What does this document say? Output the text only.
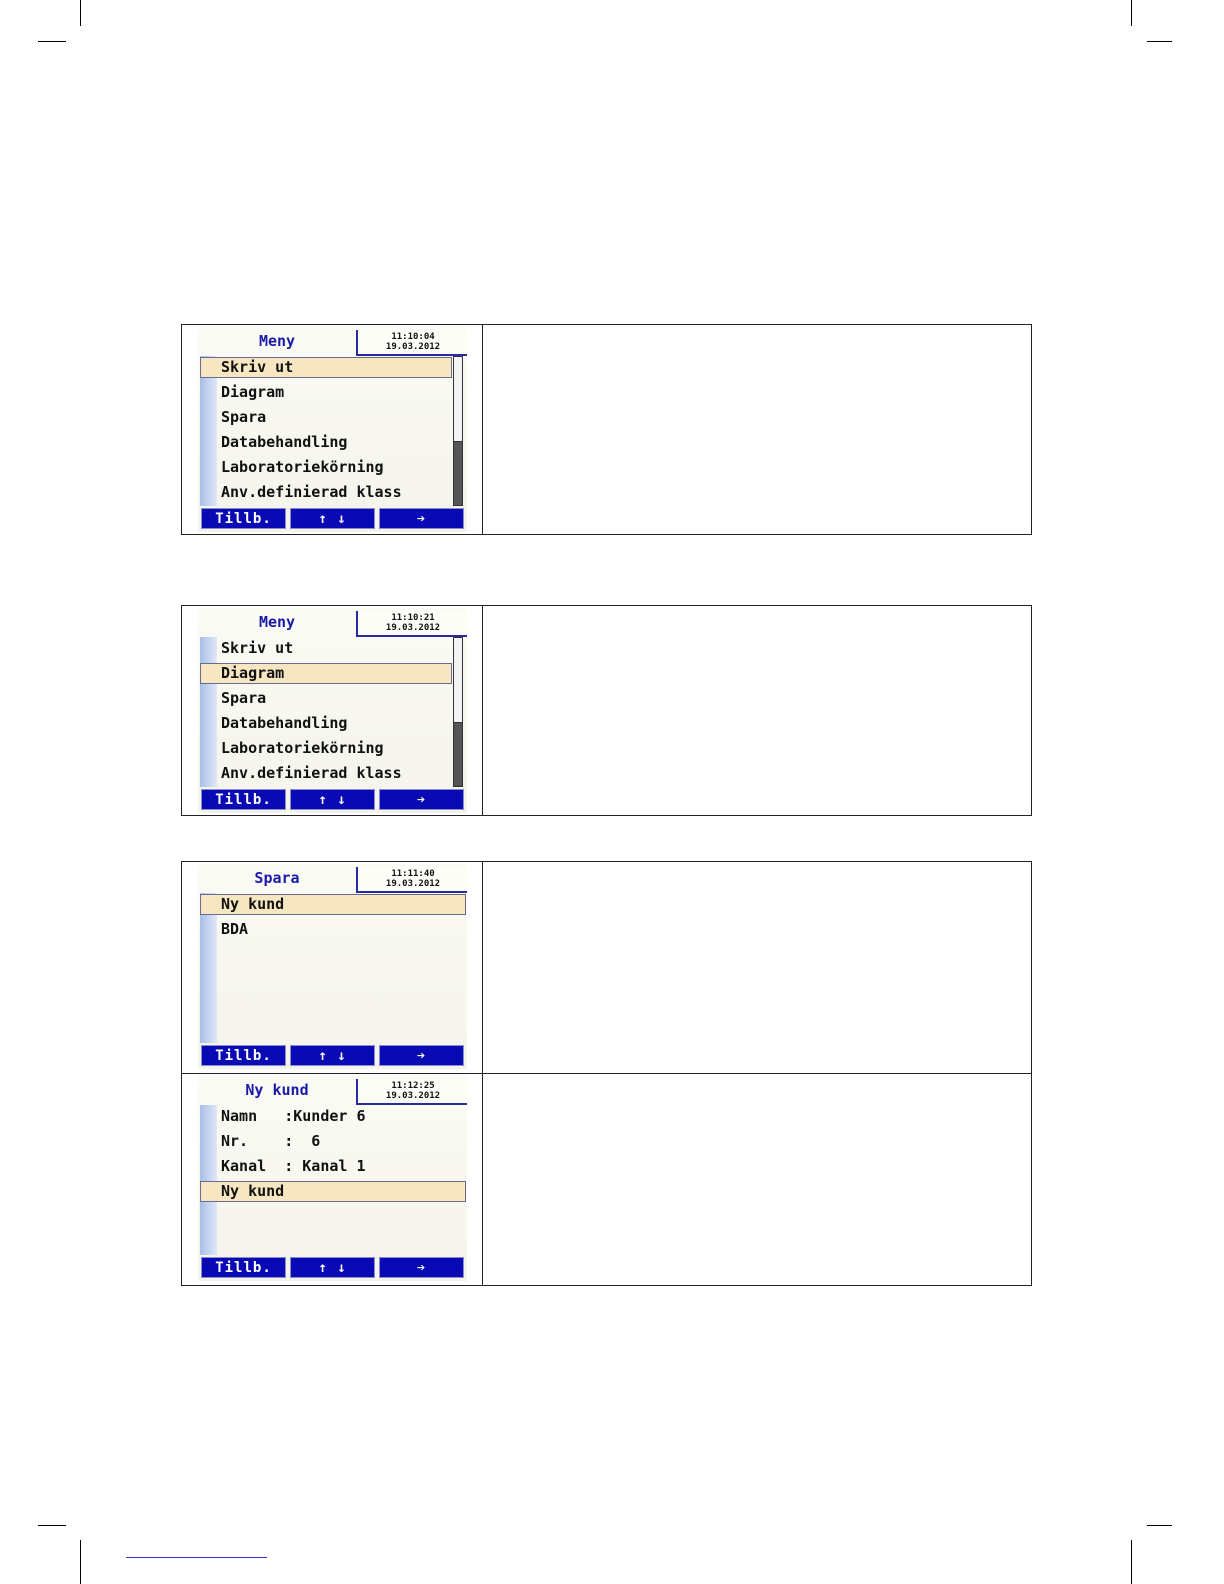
Meny	11:10:04
19.03.2012
Skriv ut
Diagram
Spara
Databehandling
Laboratoriekörning
Anv.definierad klass
Tillb.	↑ ↓	➔
Meny	11:10:21
19.03.2012
Skriv ut
Diagram
Spara
Databehandling
Laboratoriekörning
Anv.definierad klass
Tillb.	↑ ↓	➔
Spara	11:11:40
19.03.2012
Ny kund
BDA
Tillb.	↑ ↓	➔
Ny kund	11:12:25
19.03.2012
Namn   :Kunder 6
Nr.    :  6
Kanal  : Kanal 1
Ny kund
Tillb.	↑ ↓	➔
